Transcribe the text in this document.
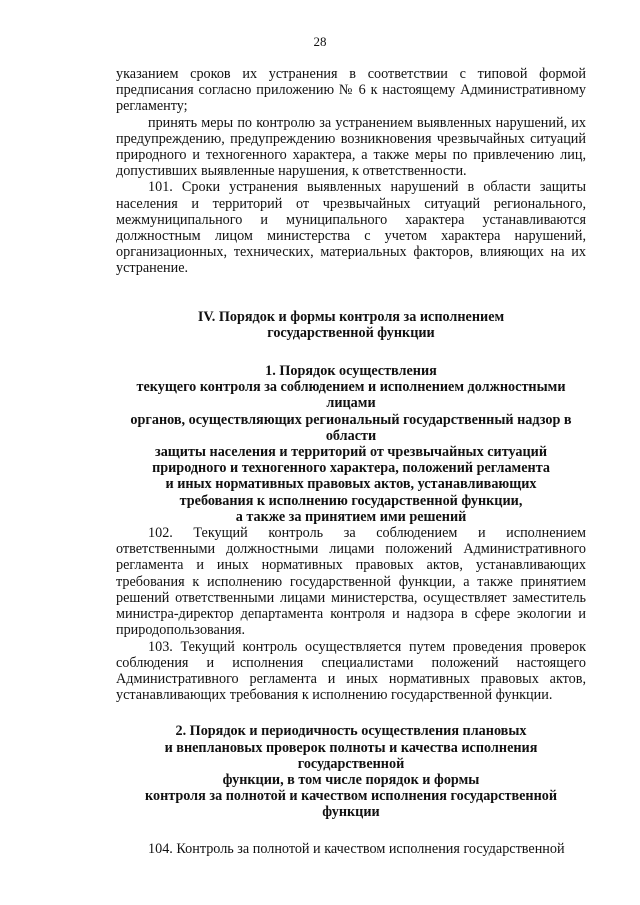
28

указанием сроков их устранения в соответствии с типовой формой предписания согласно приложению № 6 к настоящему Административному регламенту;

принять меры по контролю за устранением выявленных нарушений, их предупреждению, предупреждению возникновения чрезвычайных ситуаций природного и техногенного характера, а также меры по привлечению лиц, допустивших выявленные нарушения, к ответственности.

101. Сроки устранения выявленных нарушений в области защиты населения и территорий от чрезвычайных ситуаций регионального, межмуниципального и муниципального характера устанавливаются должностным лицом министерства с учетом характера нарушений, организационных, технических, материальных факторов, влияющих на их устранение.

IV. Порядок и формы контроля за исполнением

государственной функции

1. Порядок осуществления

текущего контроля за соблюдением и исполнением должностными лицами

органов, осуществляющих региональный государственный надзор в области

защиты населения и территорий от чрезвычайных ситуаций

природного и техногенного характера, положений регламента

и иных нормативных правовых актов, устанавливающих

требования к исполнению государственной функции,

а также за принятием ими решений

102. Текущий контроль за соблюдением и исполнением ответственными должностными лицами положений Административного регламента и иных нормативных правовых актов, устанавливающих требования к исполнению государственной функции, а также принятием решений ответственными лицами министерства, осуществляет заместитель министра-директор департамента контроля и надзора в сфере экологии и природопользования.

103. Текущий контроль осуществляется путем проведения проверок соблюдения и исполнения специалистами положений настоящего Административного регламента и иных нормативных правовых актов, устанавливающих требования к исполнению государственной функции.

2. Порядок и периодичность осуществления плановых

и внеплановых проверок полноты и качества исполнения государственной

функции, в том числе порядок и формы

контроля за полнотой и качеством исполнения государственной функции

104. Контроль за полнотой и качеством исполнения государственной
